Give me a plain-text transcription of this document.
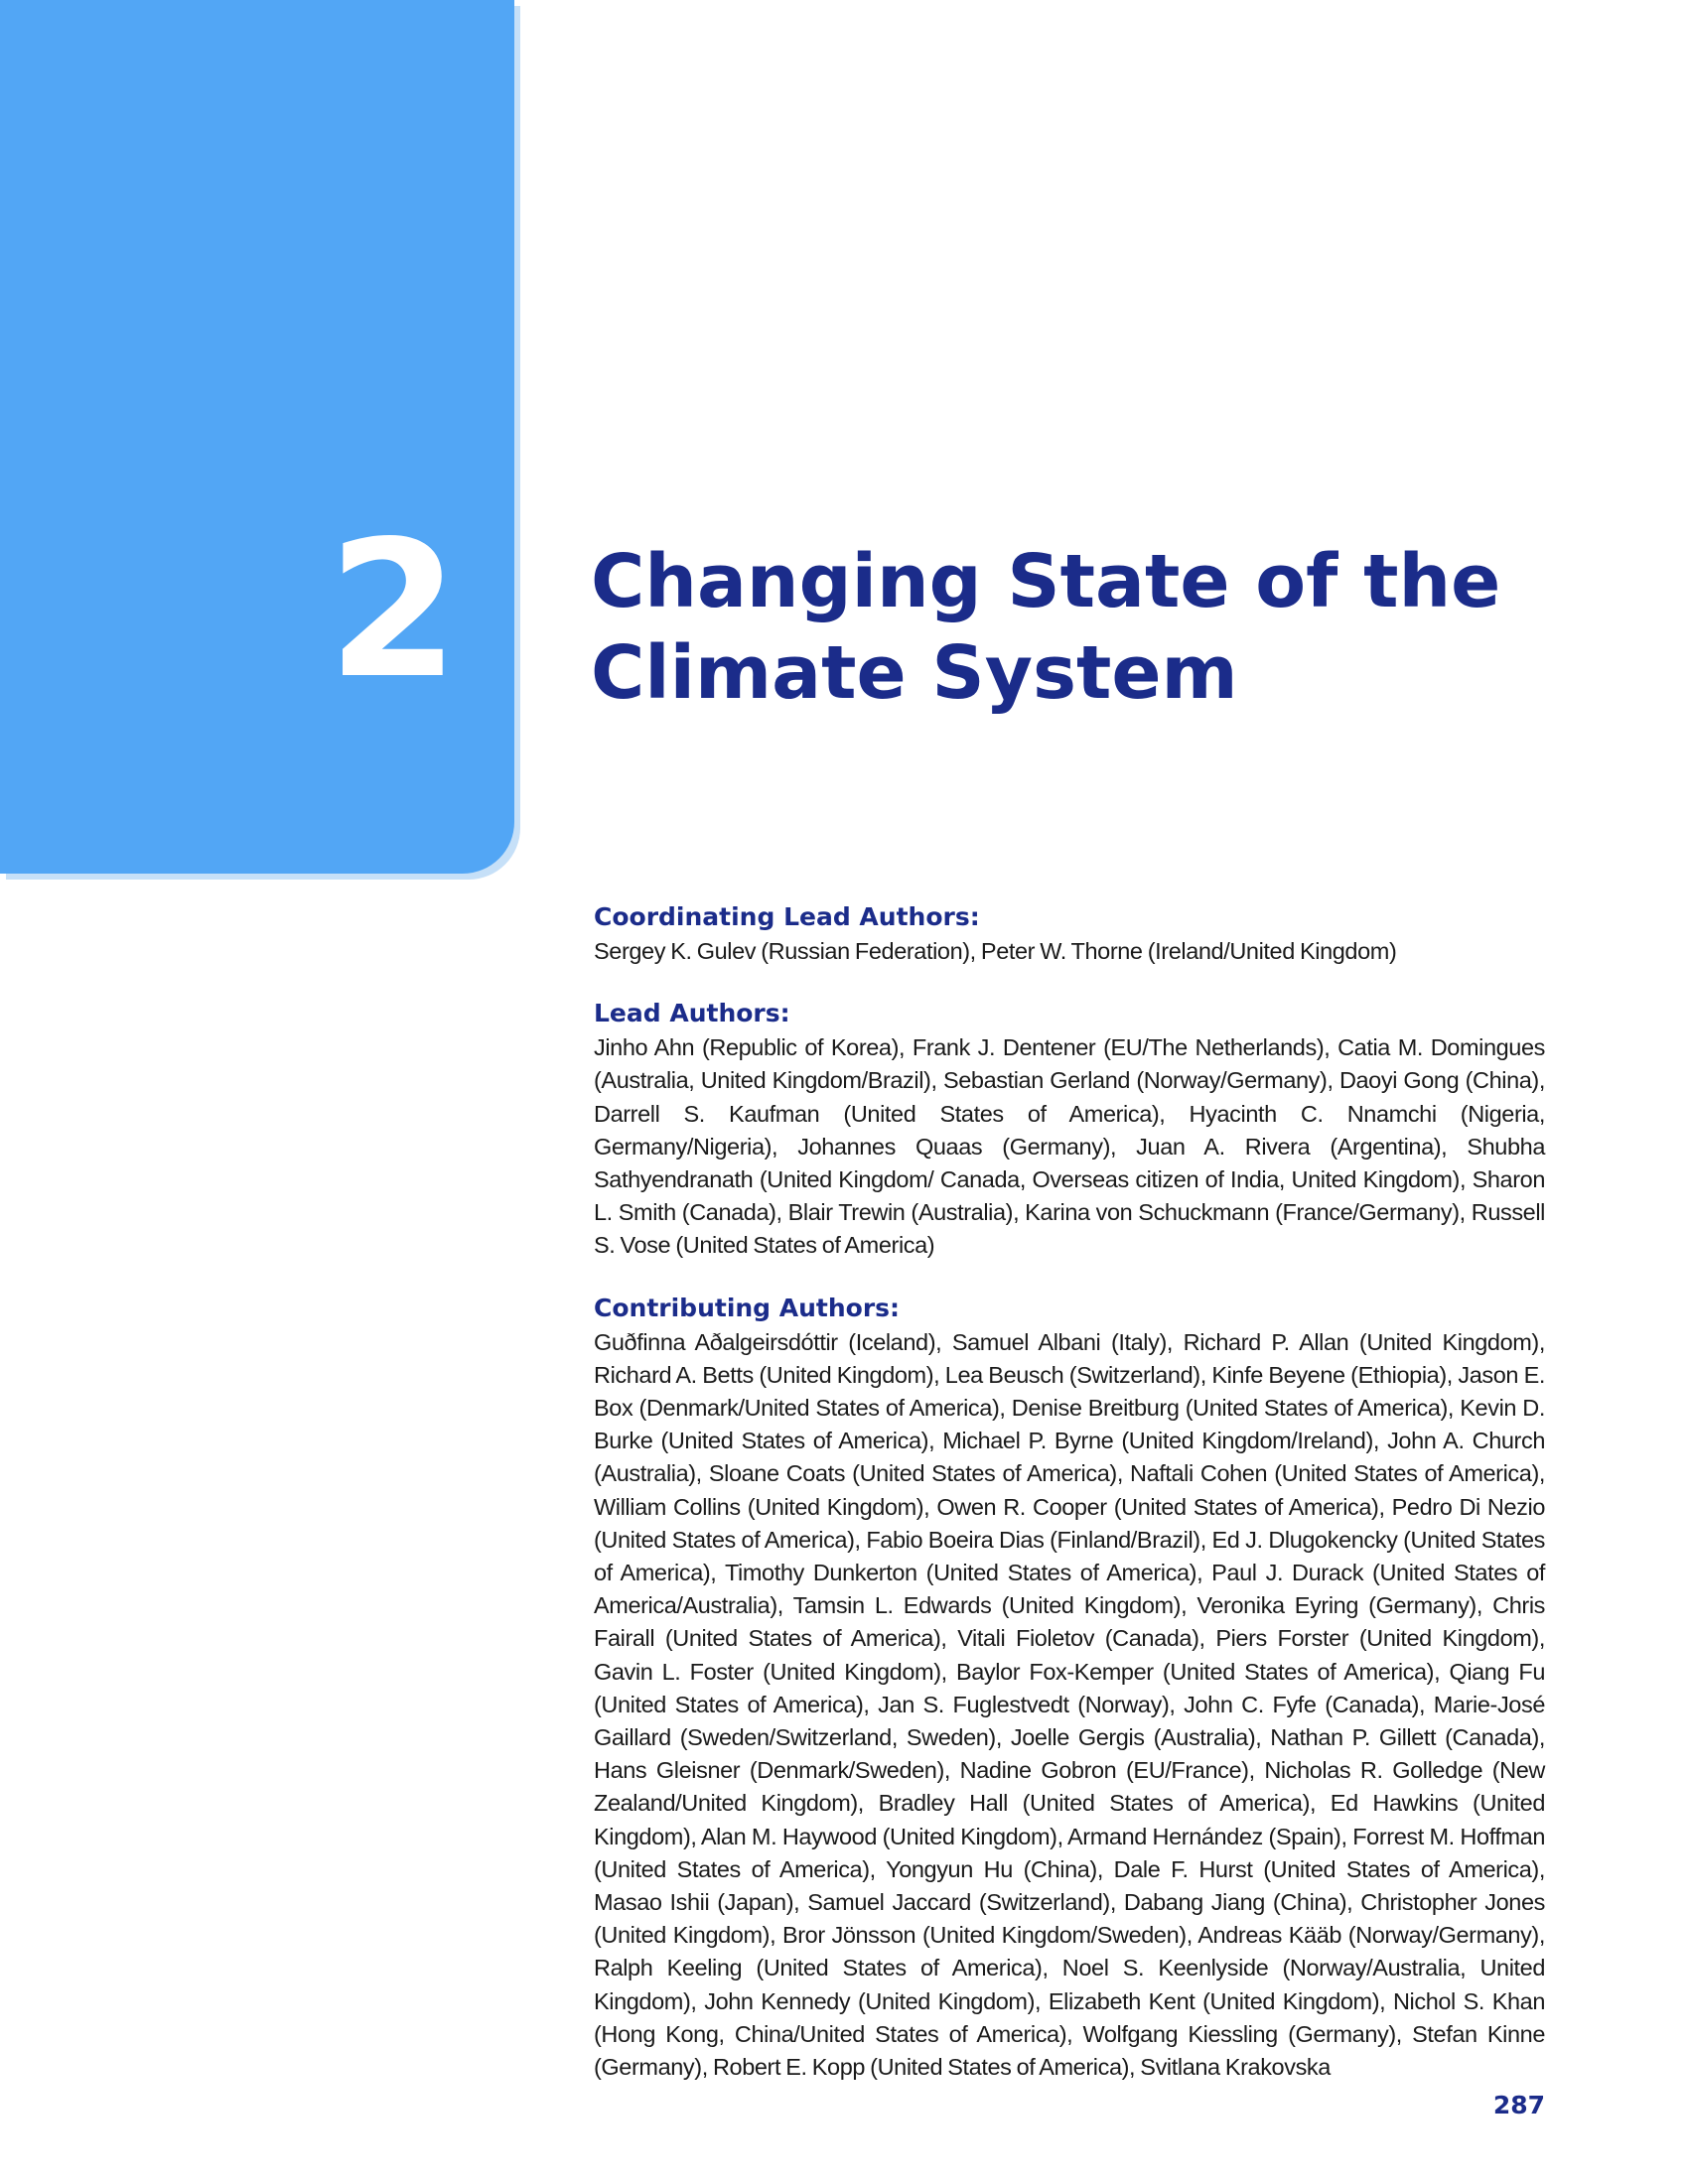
2 Changing State of the
Climate System
Coordinating Lead Authors:

Sergey K. Gulev (Russian Federation), Peter W. Thorne (Ireland/United Kingdom)

Lead Authors:

Jinho Ahn (Republic of Korea), Frank J. Dentener (EU/The Netherlands), Catia M. Domingues (Australia, United Kingdom/Brazil), Sebastian Gerland (Norway/Germany), Daoyi Gong (China), Darrell S. Kaufman (United States of America), Hyacinth C. Nnamchi (Nigeria, Germany/Nigeria), Johannes Quaas (Germany), Juan A. Rivera (Argentina), Shubha Sathyendranath (United Kingdom/ Canada, Overseas citizen of India, United Kingdom), Sharon L. Smith (Canada), Blair Trewin (Australia), Karina von Schuckmann (France/Germany), Russell S. Vose (United States of America)

Contributing Authors:

Guðfinna Aðalgeirsdóttir (Iceland), Samuel Albani (Italy), Richard P. Allan (United Kingdom), Richard A. Betts (United Kingdom), Lea Beusch (Switzerland), Kinfe Beyene (Ethiopia), Jason E. Box (Denmark/United States of America), Denise Breitburg (United States of America), Kevin D. Burke (United States of America), Michael P. Byrne (United Kingdom/Ireland), John A. Church (Australia), Sloane Coats (United States of America), Naftali Cohen (United States of America), William Collins (United Kingdom), Owen R. Cooper (United States of America), Pedro Di Nezio (United States of America), Fabio Boeira Dias (Finland/Brazil), Ed J. Dlugokencky (United States of America), Timothy Dunkerton (United States of America), Paul J. Durack (United States of America/Australia), Tamsin L. Edwards (United Kingdom), Veronika Eyring (Germany), Chris Fairall (United States of America), Vitali Fioletov (Canada), Piers Forster (United Kingdom), Gavin L. Foster (United Kingdom), Baylor Fox-Kemper (United States of America), Qiang Fu (United States of America), Jan S. Fuglestvedt (Norway), John C. Fyfe (Canada), Marie-José Gaillard (Sweden/Switzerland, Sweden), Joelle Gergis (Australia), Nathan P. Gillett (Canada), Hans Gleisner (Denmark/Sweden), Nadine Gobron (EU/France), Nicholas R. Golledge (New Zealand/United Kingdom), Bradley Hall (United States of America), Ed Hawkins (United Kingdom), Alan M. Haywood (United Kingdom), Armand Hernández (Spain), Forrest M. Hoffman (United States of America), Yongyun Hu (China), Dale F. Hurst (United States of America), Masao Ishii (Japan), Samuel Jaccard (Switzerland), Dabang Jiang (China), Christopher Jones (United Kingdom), Bror Jönsson (United Kingdom/Sweden), Andreas Kääb (Norway/Germany), Ralph Keeling (United States of America), Noel S. Keenlyside (Norway/Australia, United Kingdom), John Kennedy (United Kingdom), Elizabeth Kent (United Kingdom), Nichol S. Khan (Hong Kong, China/United States of America), Wolfgang Kiessling (Germany), Stefan Kinne (Germany), Robert E. Kopp (United States of America), Svitlana Krakovska

287
